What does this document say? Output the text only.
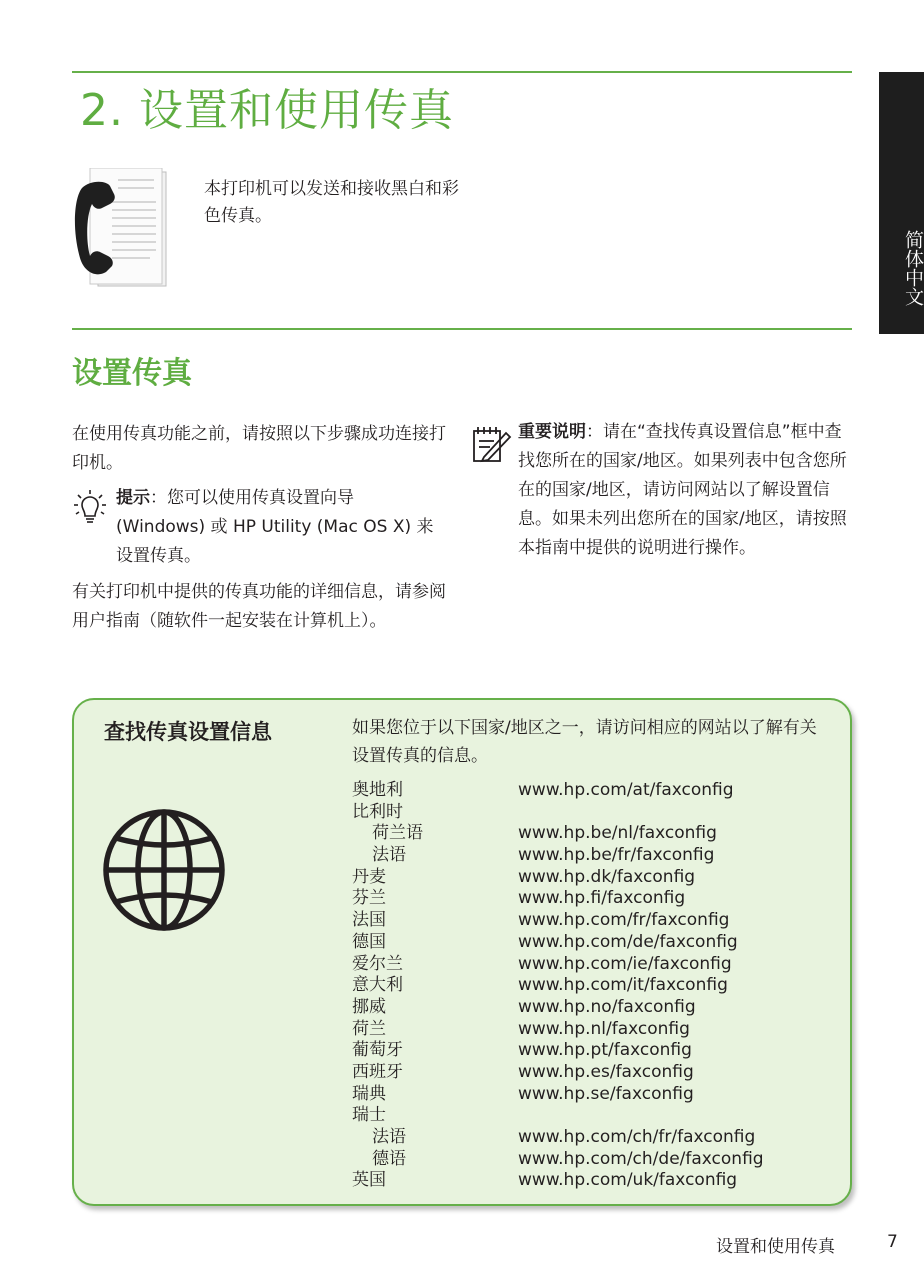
简体中文
2. 设置和使用传真
本打印机可以发送和接收黑白和彩色传真。
设置传真

在使用传真功能之前，请按照以下步骤成功连接打印机。

提示：您可以使用传真设置向导 (Windows) 或 HP Utility (Mac OS X) 来设置传真。

有关打印机中提供的传真功能的详细信息，请参阅用户指南（随软件一起安装在计算机上）。

重要说明：请在“查找传真设置信息”框中查找您所在的国家/地区。如果列表中包含您所在的国家/地区，请访问网站以了解设置信息。如果未列出您所在的国家/地区，请按照本指南中提供的说明进行操作。

查找传真设置信息	如果您位于以下国家/地区之一，请访问相应的网站以了解有关设置传真的信息。
奥地利	www.hp.com/at/faxconfig
比利时
荷兰语	www.hp.be/nl/faxconfig
法语	www.hp.be/fr/faxconfig
丹麦	www.hp.dk/faxconfig
芬兰	www.hp.fi/faxconfig
法国	www.hp.com/fr/faxconfig
德国	www.hp.com/de/faxconfig
爱尔兰	www.hp.com/ie/faxconfig
意大利	www.hp.com/it/faxconfig
挪威	www.hp.no/faxconfig
荷兰	www.hp.nl/faxconfig
葡萄牙	www.hp.pt/faxconfig
西班牙	www.hp.es/faxconfig
瑞典	www.hp.se/faxconfig
瑞士
法语	www.hp.com/ch/fr/faxconfig
德语	www.hp.com/ch/de/faxconfig
英国	www.hp.com/uk/faxconfig
设置和使用传真	7
